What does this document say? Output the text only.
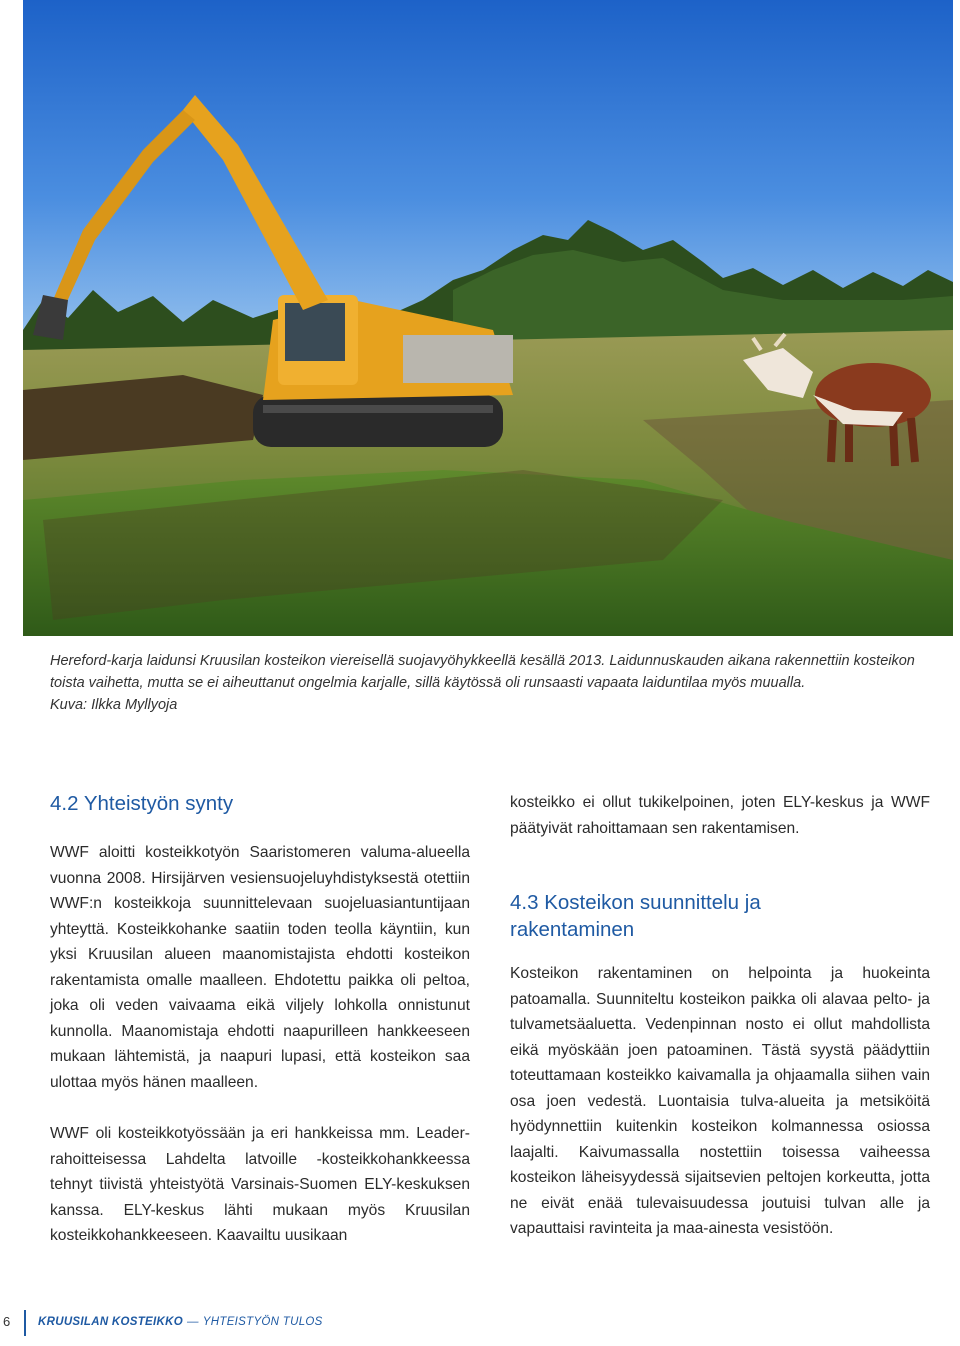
Hereford-karja laidunsi Kruusilan kosteikon viereisellä suojavyöhykkeellä kesällä 2013. Laidunnuskauden aikana rakennettiin kosteikon toista vaihetta, mutta se ei aiheuttanut ongelmia karjalle, sillä käytössä oli runsaasti vapaata laiduntilaa myös muualla.
Kuva: Ilkka Myllyoja
4.2 Yhteistyön synty

WWF aloitti kosteikkotyön Saaristomeren valuma-alueella vuonna 2008. Hirsijärven vesiensuojeluyhdistyksestä otettiin WWF:n kosteikkoja suunnittelevaan suojeluasiantuntijaan yhteyttä. Kosteikkohanke saatiin toden teolla käyntiin, kun yksi Kruusilan alueen maanomistajista ehdotti kosteikon rakentamista omalle maalleen. Ehdotettu paikka oli peltoa, joka oli veden vaivaama eikä viljely lohkolla onnistunut kunnolla. Maanomistaja ehdotti naapurilleen hankkeeseen mukaan lähtemistä, ja naapuri lupasi, että kosteikon saa ulottaa myös hänen maalleen.

WWF oli kosteikkotyössään ja eri hankkeissa mm. Leader-rahoitteisessa Lahdelta latvoille -kosteikkohankkeessa tehnyt tiivistä yhteistyötä Varsinais-Suomen ELY-keskuksen kanssa. ELY-keskus lähti mukaan myös Kruusilan kosteikkohankkeeseen. Kaavailtu uusikaan

kosteikko ei ollut tukikelpoinen, joten ELY-keskus ja WWF päätyivät rahoittamaan sen rakentamisen.

4.3 Kosteikon suunnittelu ja
rakentaminen

Kosteikon rakentaminen on helpointa ja huokeinta patoamalla. Suunniteltu kosteikon paikka oli alavaa pelto- ja tulvametsäaluetta. Vedenpinnan nosto ei ollut mahdollista eikä myöskään joen patoaminen. Tästä syystä päädyttiin toteuttamaan kosteikko kaivamalla ja ohjaamalla siihen vain osa joen vedestä. Luontaisia tulva-alueita ja metsiköitä hyödynnettiin kuitenkin kosteikon kolmannessa osiossa laajalti. Kaivumassalla nostettiin toisessa vaiheessa kosteikon läheisyydessä sijaitsevien peltojen korkeutta, jotta ne eivät enää tulevaisuudessa joutuisi tulvan alle ja vapauttaisi ravinteita ja maa-ainesta vesistöön.

6 KRUUSILAN KOSTEIKKO — YHTEISTYÖN TULOS
